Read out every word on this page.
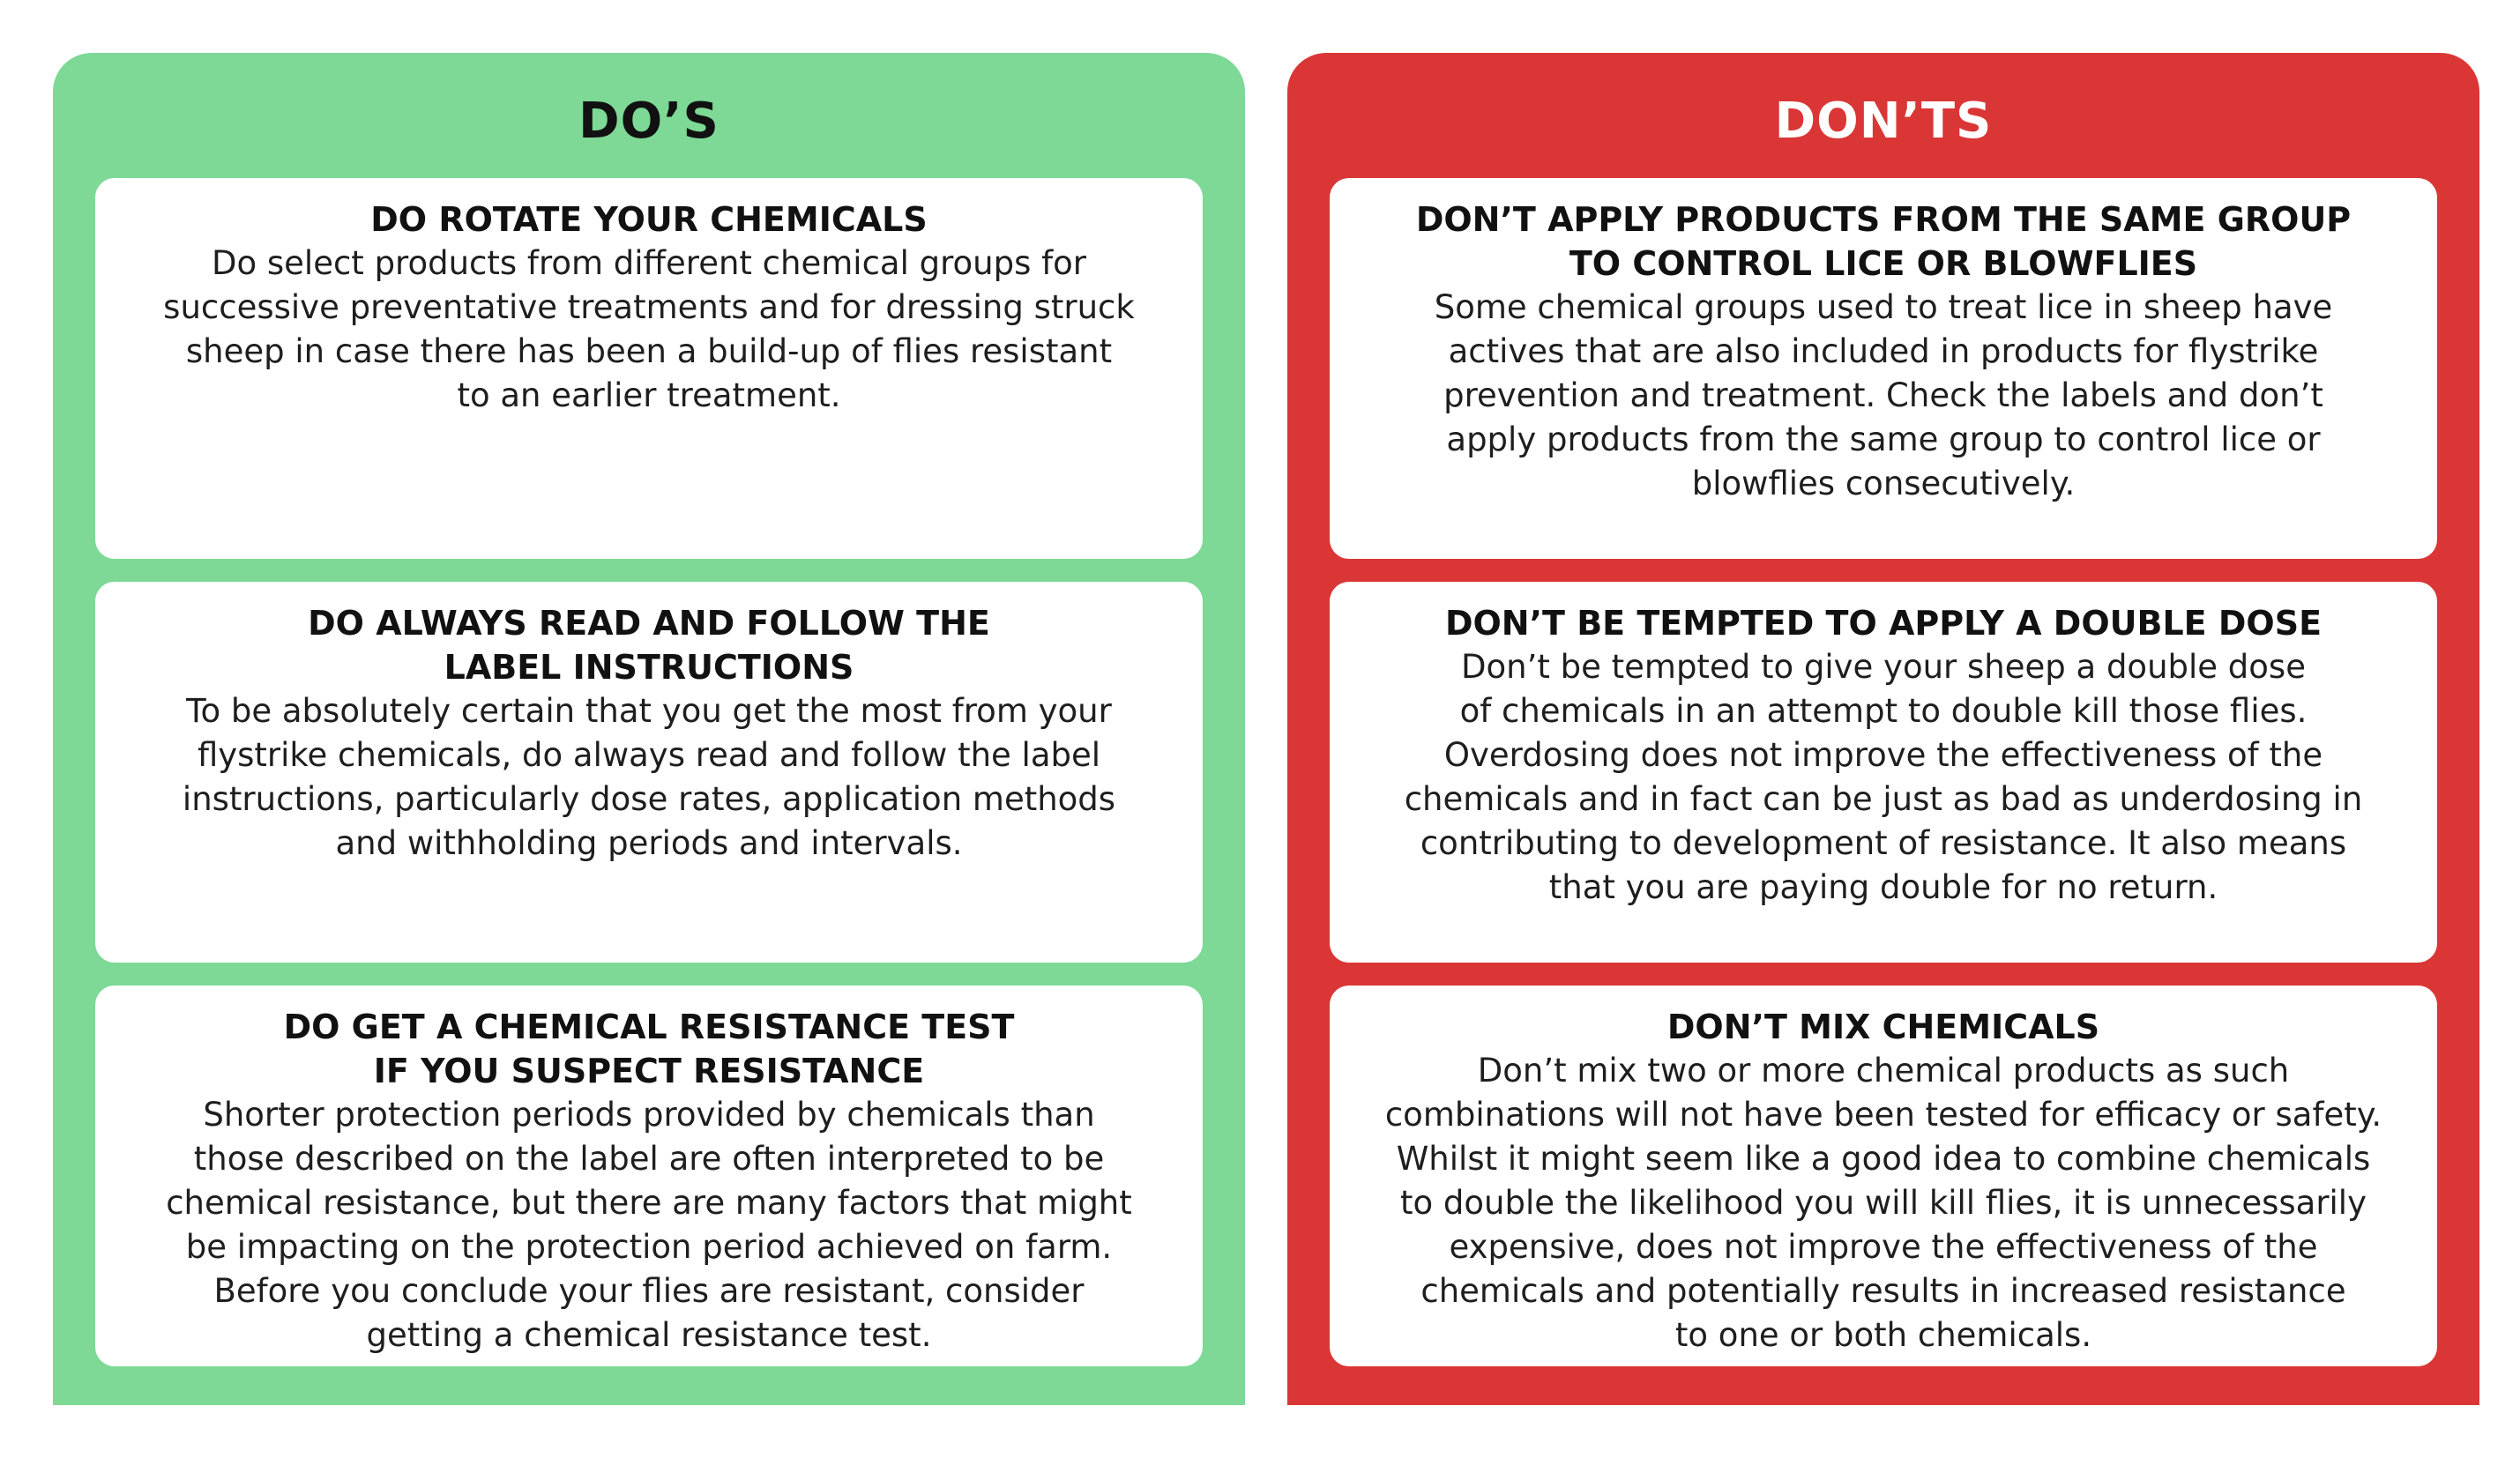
DO’S
DO ROTATE YOUR CHEMICALS
Do select products from different chemical groups for
successive preventative treatments and for dressing struck
sheep in case there has been a build-up of flies resistant
to an earlier treatment.
DO ALWAYS READ AND FOLLOW THE
LABEL INSTRUCTIONS
To be absolutely certain that you get the most from your
flystrike chemicals, do always read and follow the label
instructions, particularly dose rates, application methods
and withholding periods and intervals.
DO GET A CHEMICAL RESISTANCE TEST
IF YOU SUSPECT RESISTANCE
Shorter protection periods provided by chemicals than
those described on the label are often interpreted to be
chemical resistance, but there are many factors that might
be impacting on the protection period achieved on farm.
Before you conclude your flies are resistant, consider
getting a chemical resistance test.
DON’TS
DON’T APPLY PRODUCTS FROM THE SAME GROUP
TO CONTROL LICE OR BLOWFLIES
Some chemical groups used to treat lice in sheep have
actives that are also included in products for flystrike
prevention and treatment. Check the labels and don’t
apply products from the same group to control lice or
blowflies consecutively.
DON’T BE TEMPTED TO APPLY A DOUBLE DOSE
Don’t be tempted to give your sheep a double dose
of chemicals in an attempt to double kill those flies.
Overdosing does not improve the effectiveness of the
chemicals and in fact can be just as bad as underdosing in
contributing to development of resistance. It also means
that you are paying double for no return.
DON’T MIX CHEMICALS
Don’t mix two or more chemical products as such
combinations will not have been tested for efficacy or safety.
Whilst it might seem like a good idea to combine chemicals
to double the likelihood you will kill flies, it is unnecessarily
expensive, does not improve the effectiveness of the
chemicals and potentially results in increased resistance
to one or both chemicals.
